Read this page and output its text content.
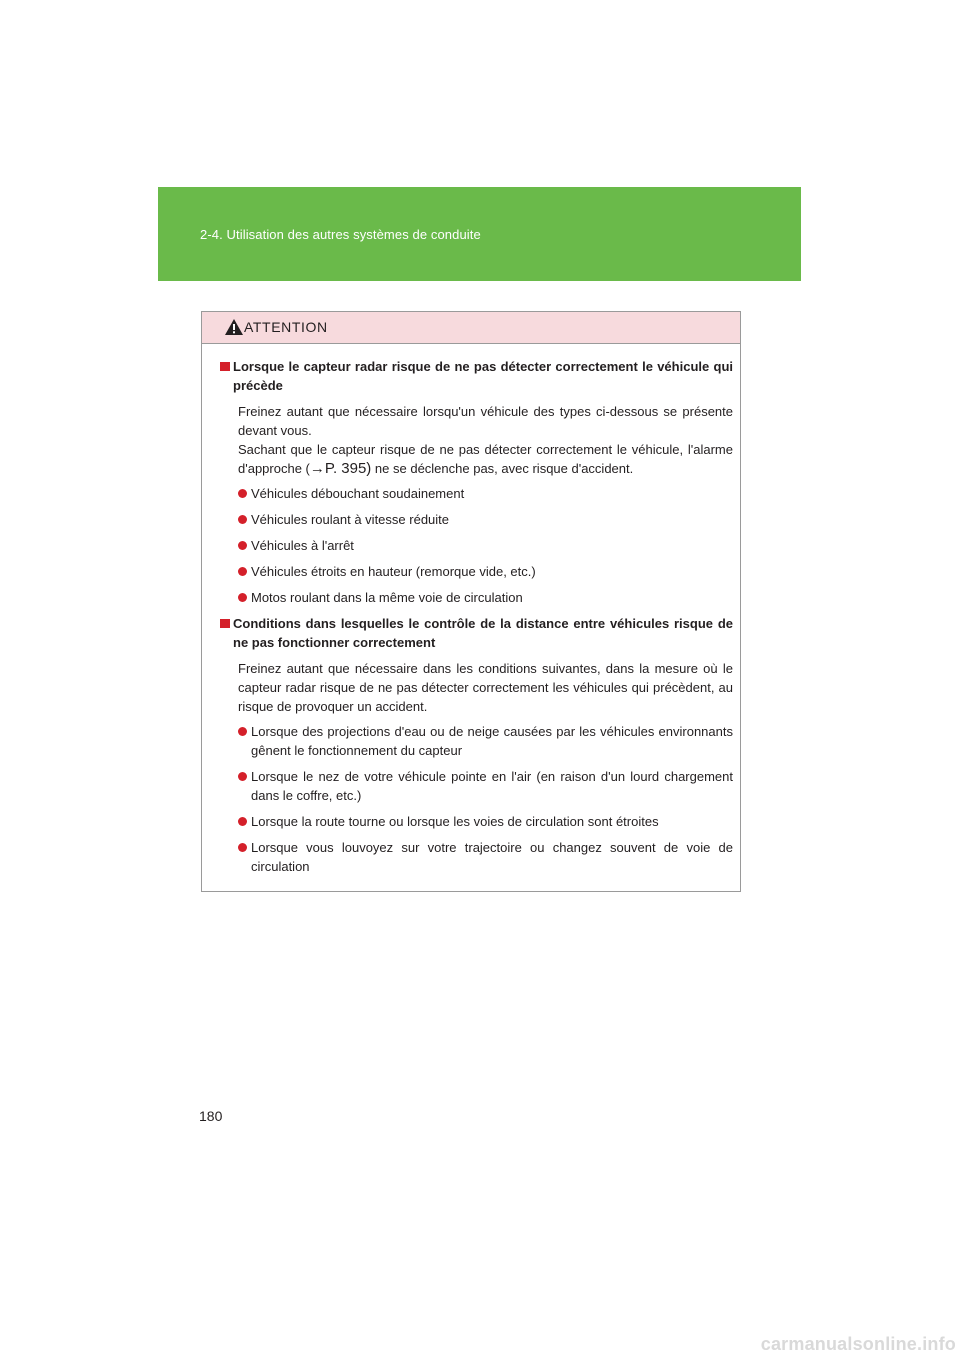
2-4. Utilisation des autres systèmes de conduite
ATTENTION
Lorsque le capteur radar risque de ne pas détecter correctement le véhicule qui précède

Freinez autant que nécessaire lorsqu'un véhicule des types ci-dessous se présente devant vous.

Sachant que le capteur risque de ne pas détecter correctement le véhicule, l'alarme d'approche (→P. 395) ne se déclenche pas, avec risque d'accident.

Véhicules débouchant soudainement
Véhicules roulant à vitesse réduite
Véhicules à l'arrêt
Véhicules étroits en hauteur (remorque vide, etc.)
Motos roulant dans la même voie de circulation
Conditions dans lesquelles le contrôle de la distance entre véhicules risque de ne pas fonctionner correctement

Freinez autant que nécessaire dans les conditions suivantes, dans la mesure où le capteur radar risque de ne pas détecter correctement les véhicules qui précèdent, au risque de provoquer un accident.

Lorsque des projections d'eau ou de neige causées par les véhicules environnants gênent le fonctionnement du capteur
Lorsque le nez de votre véhicule pointe en l'air (en raison d'un lourd chargement dans le coffre, etc.)
Lorsque la route tourne ou lorsque les voies de circulation sont étroites
Lorsque vous louvoyez sur votre trajectoire ou changez souvent de voie de circulation
180
carmanualsonline.info
